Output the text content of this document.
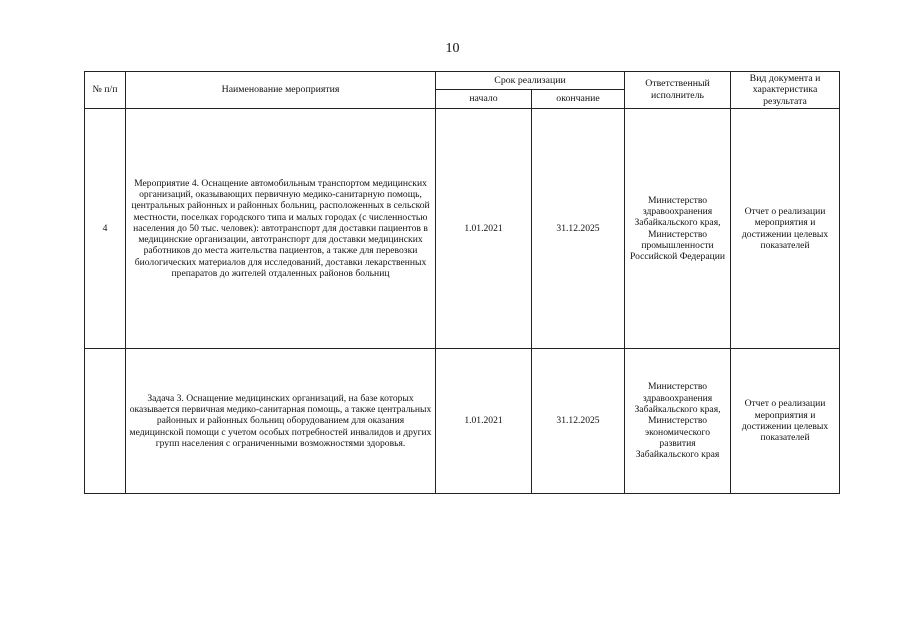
10
№ п/п	Наименование мероприятия	Срок реализации		Ответственный исполнитель	Вид документа и характеристика результата
		начало	окончание		
4	Мероприятие 4. Оснащение автомобильным транспортом медицинских организаций, оказывающих первичную медико-санитарную помощь, центральных районных и районных больниц, расположенных в сельской местности, поселках городского типа и малых городах (с численностью населения до 50 тыс. человек): автотранспорт для доставки пациентов в медицинские организации, автотранспорт для доставки медицинских работников до места жительства пациентов, а также для перевозки биологических материалов для исследований, доставки лекарственных препаратов до жителей отдаленных районов больниц	1.01.2021	31.12.2025	Министерство здравоохранения Забайкальского края, Министерство промышленности Российской Федерации	Отчет о реализации мероприятия и достижении целевых показателей
	Задача 3. Оснащение медицинских организаций, на базе которых оказывается первичная медико-санитарная помощь, а также центральных районных и районных больниц оборудованием для оказания медицинской помощи с учетом особых потребностей инвалидов и других групп населения с ограниченными возможностями здоровья.	1.01.2021	31.12.2025	Министерство здравоохранения Забайкальского края, Министерство экономического развития Забайкальского края	Отчет о реализации мероприятия и достижении целевых показателей
